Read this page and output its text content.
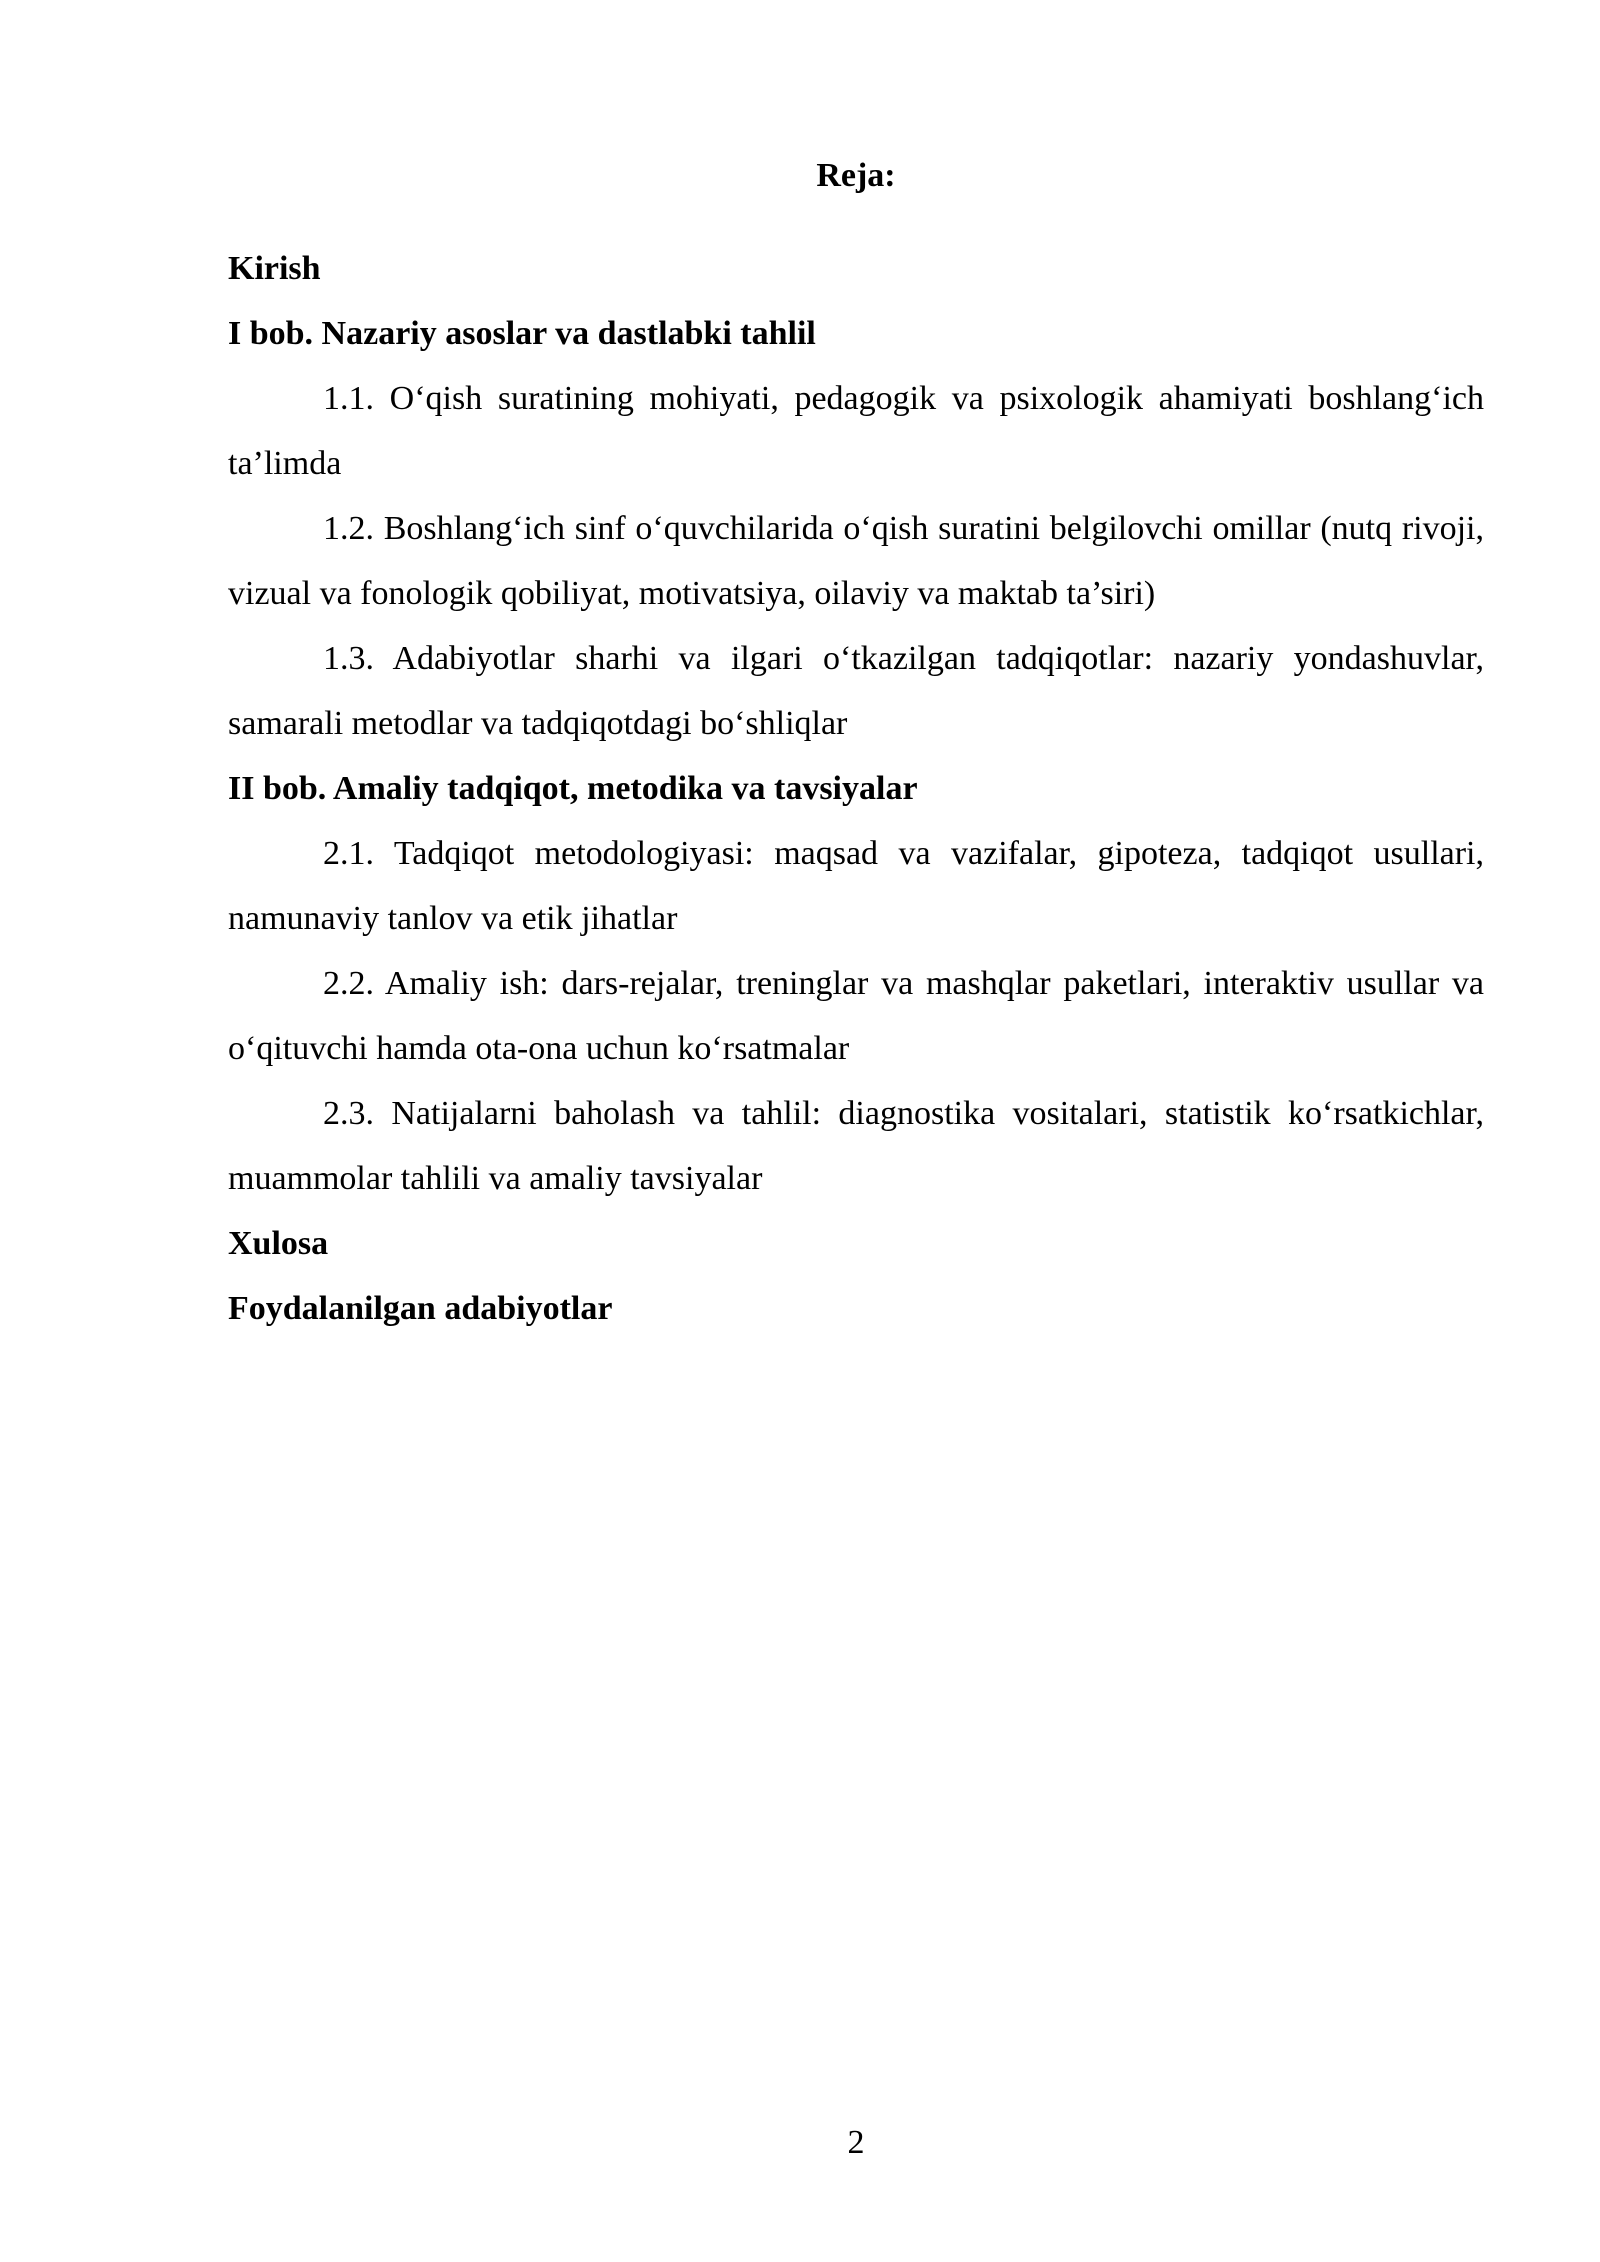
Reja:
Kirish
I bob. Nazariy asoslar va dastlabki tahlil
1.1. O‘qish suratining mohiyati, pedagogik va psixologik ahamiyati boshlang‘ich ta’limda
1.2. Boshlang‘ich sinf o‘quvchilarida o‘qish suratini belgilovchi omillar (nutq rivoji, vizual va fonologik qobiliyat, motivatsiya, oilaviy va maktab ta’siri)
1.3. Adabiyotlar sharhi va ilgari o‘tkazilgan tadqiqotlar: nazariy yondashuvlar, samarali metodlar va tadqiqotdagi bo‘shliqlar
II bob. Amaliy tadqiqot, metodika va tavsiyalar
2.1. Tadqiqot metodologiyasi: maqsad va vazifalar, gipoteza, tadqiqot usullari, namunaviy tanlov va etik jihatlar
2.2. Amaliy ish: dars-rejalar, treninglar va mashqlar paketlari, interaktiv usullar va o‘qituvchi hamda ota-ona uchun ko‘rsatmalar
2.3. Natijalarni baholash va tahlil: diagnostika vositalari, statistik ko‘rsatkichlar, muammolar tahlili va amaliy tavsiyalar
Xulosa
Foydalanilgan adabiyotlar
2
